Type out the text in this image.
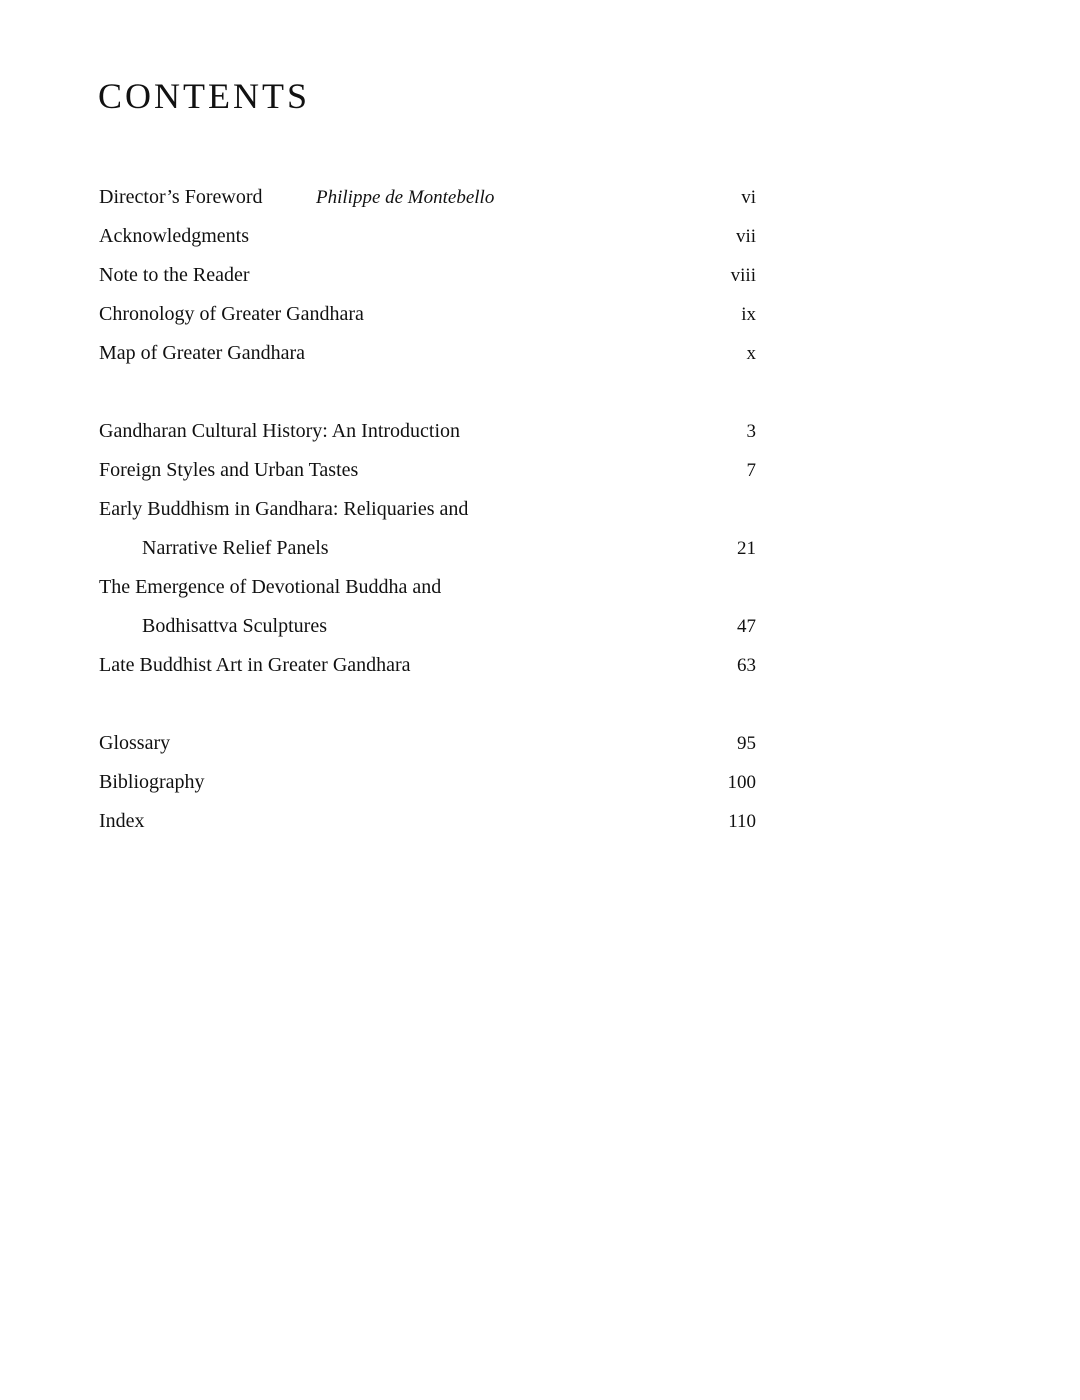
CONTENTS
Director’s Foreword	Philippe de Montebello	vi
Acknowledgments	vii
Note to the Reader	viii
Chronology of Greater Gandhara	ix
Map of Greater Gandhara	x
Gandharan Cultural History: An Introduction	3
Foreign Styles and Urban Tastes	7
Early Buddhism in Gandhara: Reliquaries and
Narrative Relief Panels	21
The Emergence of Devotional Buddha and
Bodhisattva Sculptures	47
Late Buddhist Art in Greater Gandhara	63
Glossary	95
Bibliography	100
Index	110
